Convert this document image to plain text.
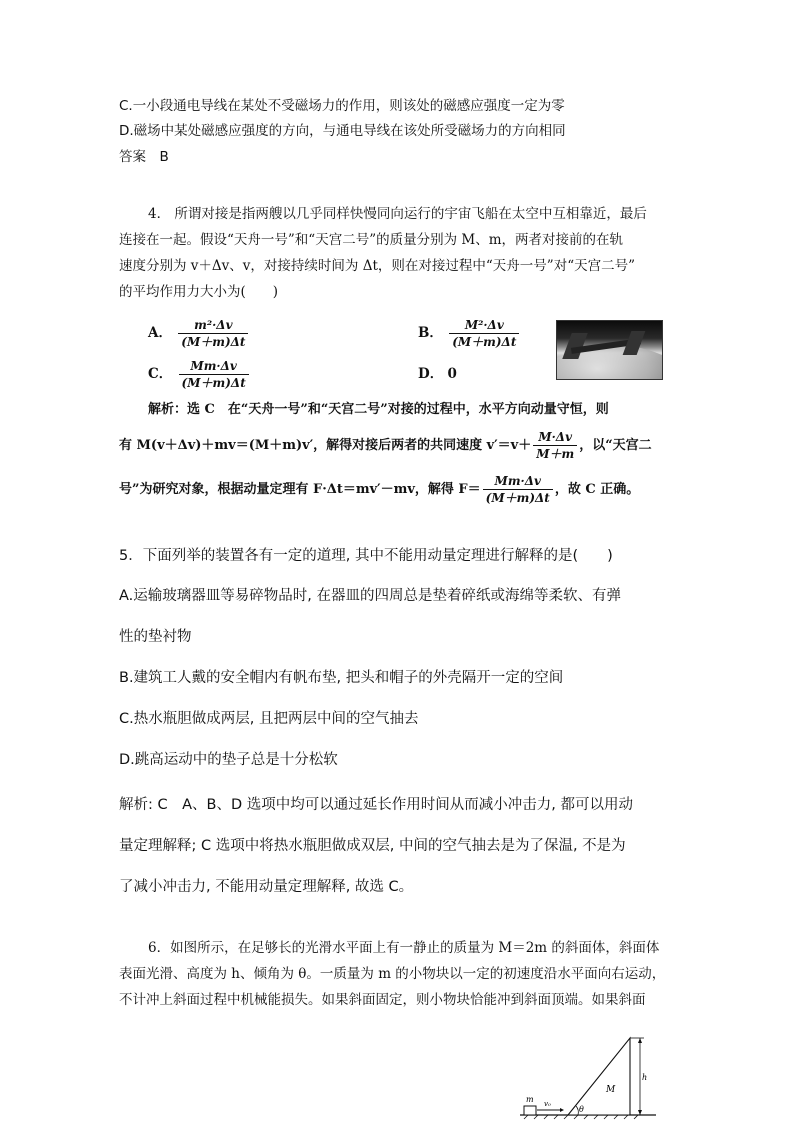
C.一小段通电导线在某处不受磁场力的作用，则该处的磁感应强度一定为零
D.磁场中某处磁感应强度的方向，与通电导线在该处所受磁场力的方向相同
答案　B
4． 所谓对接是指两艘以几乎同样快慢同向运行的宇宙飞船在太空中互相靠近，最后
连接在一起。假设“天舟一号”和“天宫二号”的质量分别为 M、m，两者对接前的在轨
速度分别为 v＋Δv、v，对接持续时间为 Δt，则在对接过程中“天舟一号”对“天宫二号”
的平均作用力大小为(　　)
A． $\frac{\text{m²·Δv}}{(M+m)\Delta t}$	B． $\frac{\text{M²·Δv}}{(M+m)\Delta t}$
C． $\frac{Mm\cdot\Delta v}{(M+m)\Delta t}$	D． 0
解析：选 C　在“天舟一号”和“天宫二号”对接的过程中，水平方向动量守恒，则
有 M(v＋Δv)＋mv＝(M＋m)v′，解得对接后两者的共同速度 $v'=v+ \frac{M\cdot\Delta v}{M+m}$ ，以“天宫二
号”为研究对象，根据动量定理有 F·Δt＝mv′－mv，解得 $F= \frac{Mm\cdot\Delta v}{(M+m)\Delta t}$ ，故 C 正确。
5．下面列举的装置各有一定的道理, 其中不能用动量定理进行解释的是(　　)
A.运输玻璃器皿等易碎物品时, 在器皿的四周总是垫着碎纸或海绵等柔软、有弹
性的垫衬物
B.建筑工人戴的安全帽内有帆布垫, 把头和帽子的外壳隔开一定的空间
C.热水瓶胆做成两层, 且把两层中间的空气抽去
D.跳高运动中的垫子总是十分松软
解析: C　A、B、D 选项中均可以通过延长作用时间从而减小冲击力, 都可以用动
量定理解释; C 选项中将热水瓶胆做成双层, 中间的空气抽去是为了保温, 不是为
了减小冲击力, 不能用动量定理解释, 故选 C。
6．如图所示，在足够长的光滑水平面上有一静止的质量为 M＝2m 的斜面体，斜面体
表面光滑、高度为 h、倾角为 θ。一质量为 m 的小物块以一定的初速度沿水平面向右运动，
不计冲上斜面过程中机械能损失。如果斜面固定，则小物块恰能冲到斜面顶端。如果斜面
m v₀
θ
M
h
